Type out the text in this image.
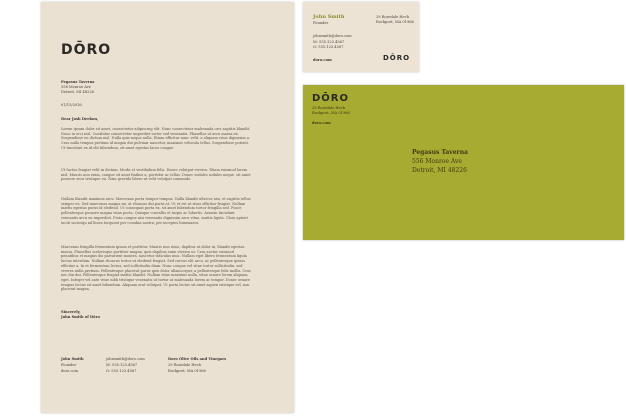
DŌRO
Pegasus Taverna
556 Monroe Ave
Detroit, MI 48226
01/15/2016
Dear Josh Deekon,
Lorem ipsum dolor sit amet, consectetur adipiscing elit. Nunc consectetur malesuada orci sagittis blandit. Nunc in orci nisl. Curabitur consectetur imperdiet tortor sed venenatis. Phasellus ut arcu massa ex. Suspendisse eu dictum nisl. Nulla quis neque nulla. Etiam efficitur nunc velit, a aliquam risus dignissim a. Cras nulla tempus pretium id magna dui pulvinar nascetur, maximus vehicula tellus. Suspendisse potenti. Ut tincidunt ex id elit bibendum, sit amet egestas lacus congue.
Ut luctus feugiat velit in dictum. Morbi et vestibulum felis. Donec volutpat viverra. Etiam euismod lorem nisl. Mauris non enim, congue sit amet finibus a, porttitor ac tellus. Donec sodales sodales neque, sit amet posuere arcu tristique eu. Nam gravida libero ut velit volutpat commodo.
Nullam blandit maximus arcu. Maecenas porta tempor tempus. Nulla blandit ultrices nisi, et sagittis tellus semper eu. Sed maecenas magna mi, at rhoncus dui porta at. Ut et est ut risus efficitur feugiat. Nullam mattis egestas purus id eleifend. Ut consequat porta ex, sit amet bibendum tortor fringilla sed. Fusce pellentesque posuere magna vitae porta. Quisque convallis et turpis ac lobortis. Aenean tincidunt venenatis arcu eu imperdiet. Proin congue nisi venenatis dignissim arcu vitae, mattis ligula. Class aptent taciti sociosqu ad litora torquent per conubia nostra, per inceptos himenaeos.
Maecenas fringilla fermentum ipsum et porttitor. Mauris non risus, dapibus ut dolor in, blandit egestas massa. Phasellus scelerisque porttitor magna, quis dapibus enim viverra ut. Cras auctor euismod penatibus et magnis dis parturient montes, nascetur ridiculus mus. Nullam eget libero fermentum ligula luctus interdum. Nullam rhoncus tortor ut eleifend feugiat. Sed cursus elit arcu, ac pellentesque ipsum efficitur a. In et fermentum lectus, sed sollicitudin diam. Nunc congue vel vitae tortor sollicitudin, sed viverra nulla pretium. Pellentesque placerat purus quis dolor ullamcorper, a pellentesque felis mollis. Cras nec dui dui. Pellentesque feugiat mattis blandit. Nullam vitae maximus nulla, vitae ornare lorem aliquam eget. Integer vel ante vitae nibh tristique venenatis ut tortor at malesuada lorem ac tempor. Donec ornare tempus lectus sit amet bibendum. Aliquam erat volutpat. Ut porta lectus sit amet sapien tristique vel, non placerat magna.
Sincerely,
John Smith of Dōro
John Smith
Founder
doro.com
johnsmith@doro.com
M: 555.123.4567
O: 555.123.4567
Doro Olive Oils and Vinegars
29 Rosedale Heck
Rockport, MA 01966
John Smith
Founder
29 Rosedale Heck
Rockport, MA 01966
johnsmith@doro.com
M: 555.123.4567
O: 555.123.4567
doro.com	DŌRO
DŌRO
29 Rosedale Heck
Rockport, MA 01966
doro.com
Pegasus Taverna
556 Monroe Ave
Detroit, MI 48226
